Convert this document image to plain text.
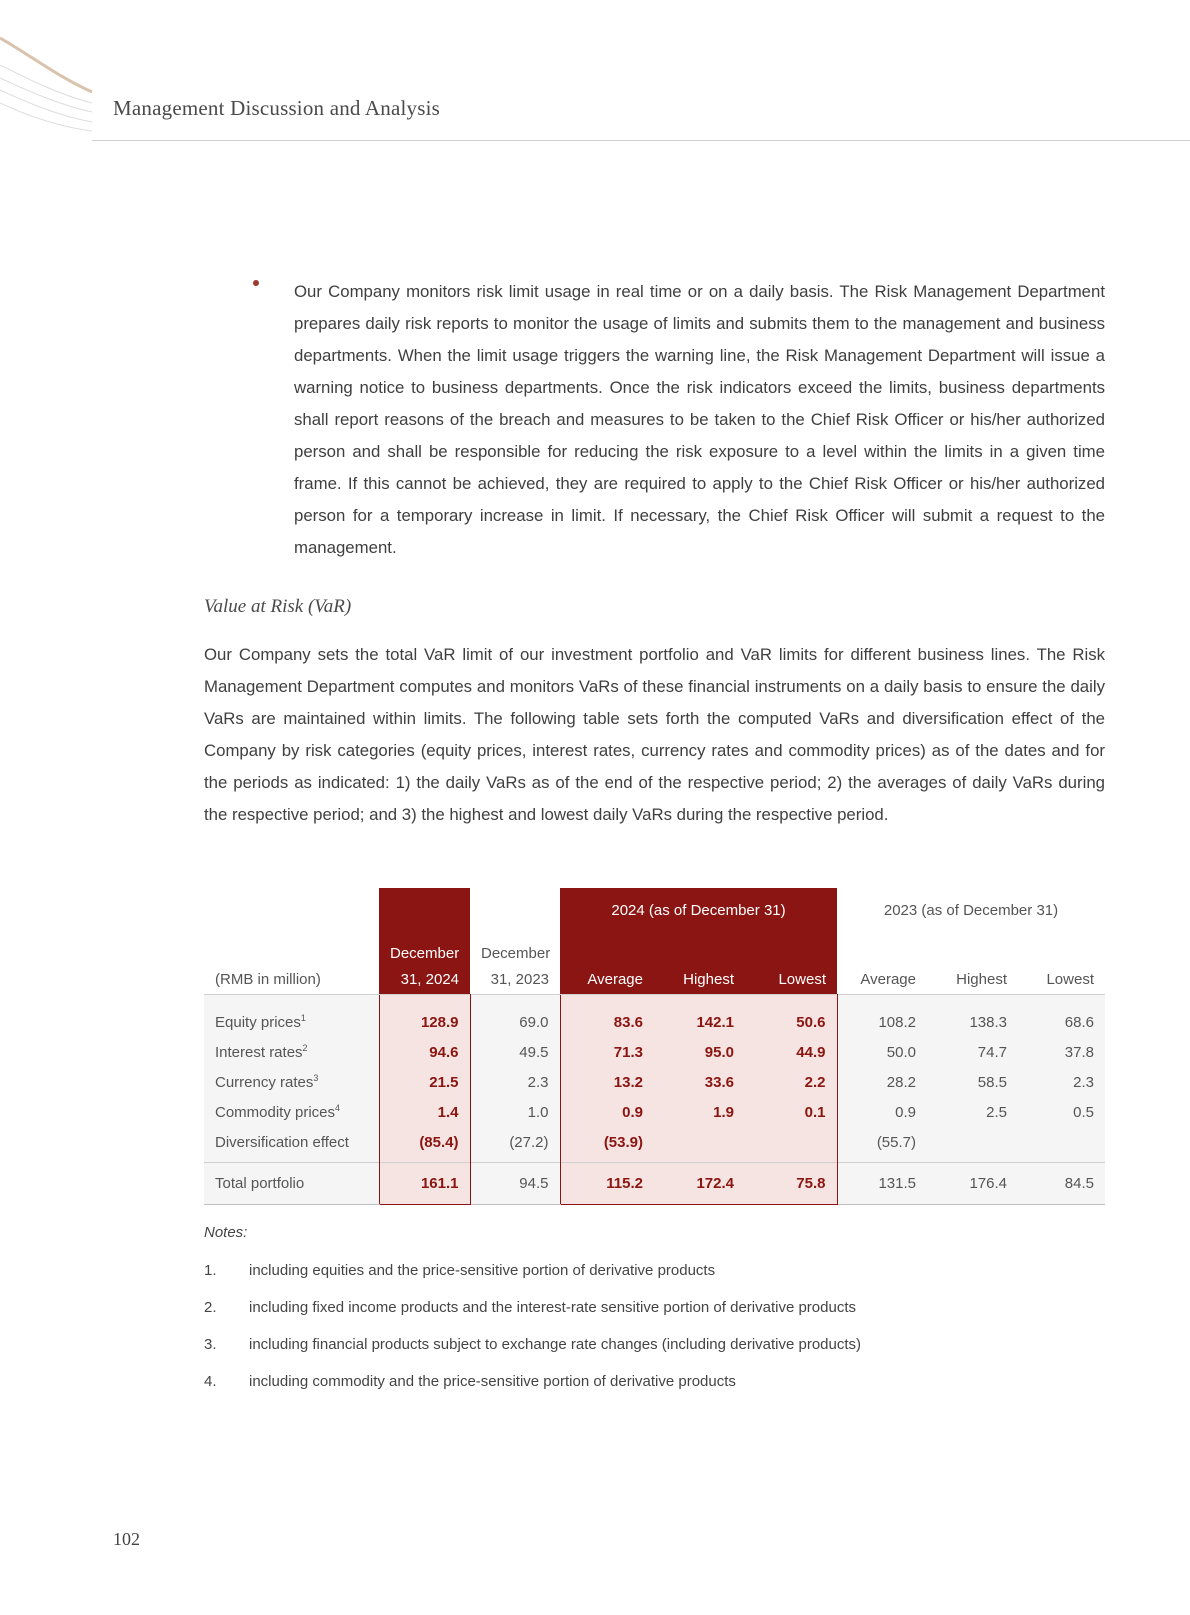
Management Discussion and Analysis

Our Company monitors risk limit usage in real time or on a daily basis. The Risk Management Department prepares daily risk reports to monitor the usage of limits and submits them to the management and business departments. When the limit usage triggers the warning line, the Risk Management Department will issue a warning notice to business departments. Once the risk indicators exceed the limits, business departments shall report reasons of the breach and measures to be taken to the Chief Risk Officer or his/her authorized person and shall be responsible for reducing the risk exposure to a level within the limits in a given time frame. If this cannot be achieved, they are required to apply to the Chief Risk Officer or his/her authorized person for a temporary increase in limit. If necessary, the Chief Risk Officer will submit a request to the management.

Value at Risk (VaR)

Our Company sets the total VaR limit of our investment portfolio and VaR limits for different business lines. The Risk Management Department computes and monitors VaRs of these financial instruments on a daily basis to ensure the daily VaRs are maintained within limits. The following table sets forth the computed VaRs and diversification effect of the Company by risk categories (equity prices, interest rates, currency rates and commodity prices) as of the dates and for the periods as indicated: 1) the daily VaRs as of the end of the respective period; 2) the averages of daily VaRs during the respective period; and 3) the highest and lowest daily VaRs during the respective period.

			2024 (as of December 31)			2023 (as of December 31)		
	December	December						
(RMB in million)	31, 2024	31, 2023	Average	Highest	Lowest	Average	Highest	Lowest
Equity prices$^1$	128.9	69.0	83.6	142.1	50.6	108.2	138.3	68.6
Interest rates$^2$	94.6	49.5	71.3	95.0	44.9	50.0	74.7	37.8
Currency rates$^3$	21.5	2.3	13.2	33.6	2.2	28.2	58.5	2.3
Commodity prices$^4$	1.4	1.0	0.9	1.9	0.1	0.9	2.5	0.5
Diversification effect	(85.4)	(27.2)	(53.9)			(55.7)		
Total portfolio	161.1	94.5	115.2	172.4	75.8	131.5	176.4	84.5
Notes:
1. including equities and the price-sensitive portion of derivative products
2. including fixed income products and the interest-rate sensitive portion of derivative products
3. including financial products subject to exchange rate changes (including derivative products)
4. including commodity and the price-sensitive portion of derivative products
102
